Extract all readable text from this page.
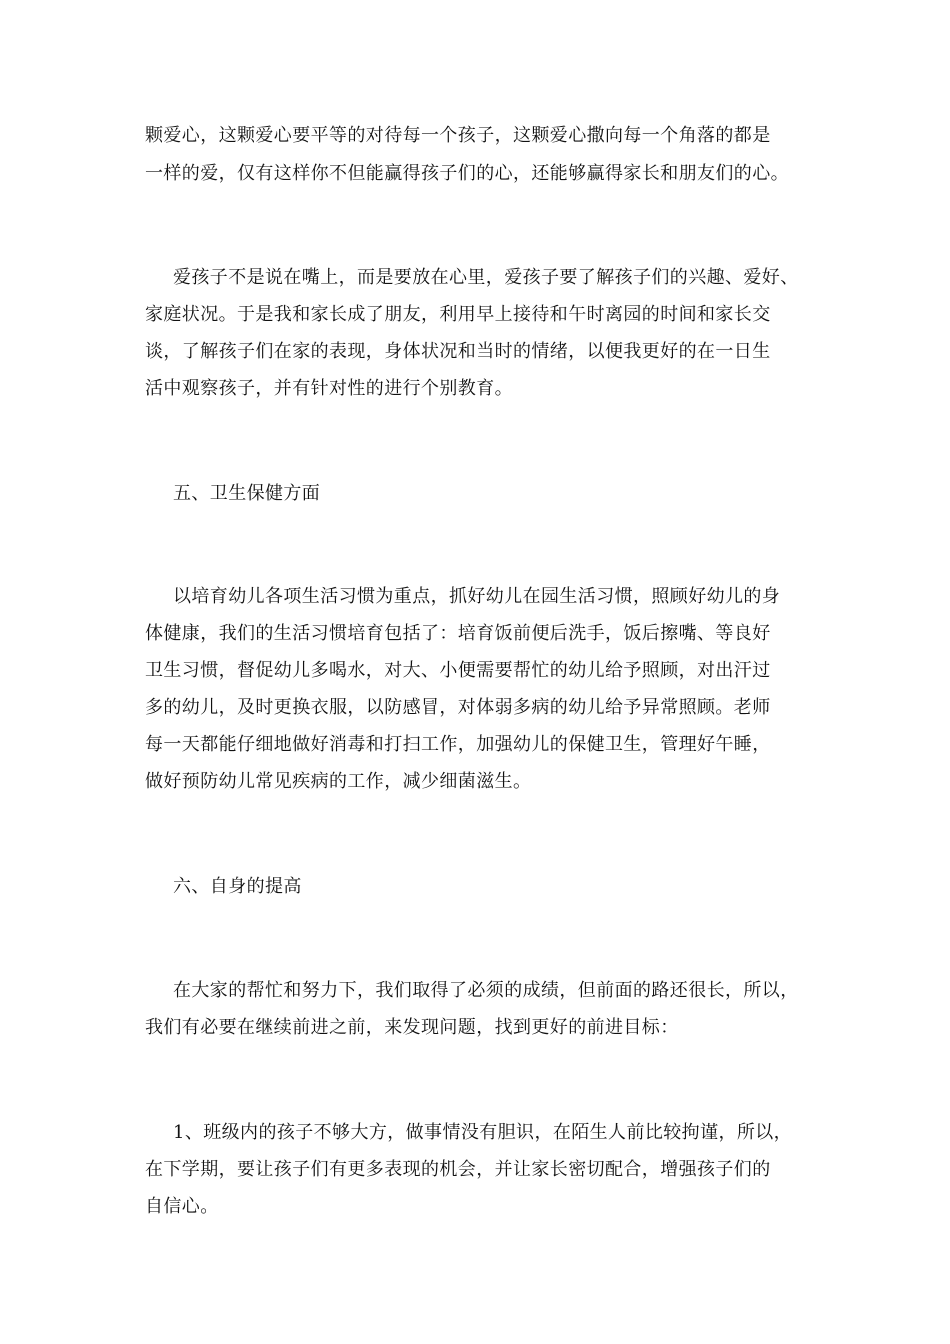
颗爱心，这颗爱心要平等的对待每一个孩子，这颗爱心撒向每一个角落的都是
一样的爱，仅有这样你不但能赢得孩子们的心，还能够赢得家长和朋友们的心。
爱孩子不是说在嘴上，而是要放在心里，爱孩子要了解孩子们的兴趣、爱好、
家庭状况。于是我和家长成了朋友，利用早上接待和午时离园的时间和家长交
谈，了解孩子们在家的表现，身体状况和当时的情绪，以便我更好的在一日生
活中观察孩子，并有针对性的进行个别教育。
五、卫生保健方面
以培育幼儿各项生活习惯为重点，抓好幼儿在园生活习惯，照顾好幼儿的身
体健康，我们的生活习惯培育包括了：培育饭前便后洗手，饭后擦嘴、等良好
卫生习惯，督促幼儿多喝水，对大、小便需要帮忙的幼儿给予照顾，对出汗过
多的幼儿，及时更换衣服，以防感冒，对体弱多病的幼儿给予异常照顾。老师
每一天都能仔细地做好消毒和打扫工作，加强幼儿的保健卫生，管理好午睡，
做好预防幼儿常见疾病的工作，减少细菌滋生。
六、自身的提高
在大家的帮忙和努力下，我们取得了必须的成绩，但前面的路还很长，所以，
我们有必要在继续前进之前，来发现问题，找到更好的前进目标：
1、班级内的孩子不够大方，做事情没有胆识，在陌生人前比较拘谨，所以，
在下学期，要让孩子们有更多表现的机会，并让家长密切配合，增强孩子们的
自信心。
